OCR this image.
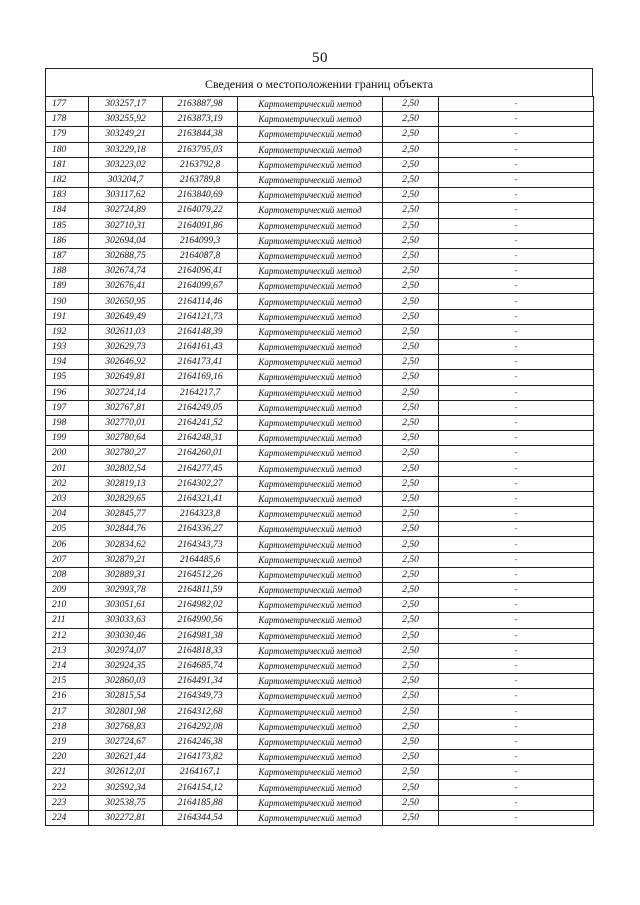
50
Сведения о местоположении границ объекта
177	303257,17	2163887,98	Картометрический метод	2,50	-
178	303255,92	2163873,19	Картометрический метод	2,50	-
179	303249,21	2163844,38	Картометрический метод	2,50	-
180	303229,18	2163795,03	Картометрический метод	2,50	-
181	303223,02	2163792,8	Картометрический метод	2,50	-
182	303204,7	2163789,8	Картометрический метод	2,50	-
183	303117,62	2163840,69	Картометрический метод	2,50	-
184	302724,89	2164079,22	Картометрический метод	2,50	-
185	302710,31	2164091,86	Картометрический метод	2,50	-
186	302694,04	2164099,3	Картометрический метод	2,50	-
187	302688,75	2164087,8	Картометрический метод	2,50	-
188	302674,74	2164096,41	Картометрический метод	2,50	-
189	302676,41	2164099,67	Картометрический метод	2,50	-
190	302650,95	2164114,46	Картометрический метод	2,50	-
191	302649,49	2164121,73	Картометрический метод	2,50	-
192	302611,03	2164148,39	Картометрический метод	2,50	-
193	302629,73	2164161,43	Картометрический метод	2,50	-
194	302646,92	2164173,41	Картометрический метод	2,50	-
195	302649,81	2164169,16	Картометрический метод	2,50	-
196	302724,14	2164217,7	Картометрический метод	2,50	-
197	302767,81	2164249,05	Картометрический метод	2,50	-
198	302770,01	2164241,52	Картометрический метод	2,50	-
199	302780,64	2164248,31	Картометрический метод	2,50	-
200	302780,27	2164260,01	Картометрический метод	2,50	-
201	302802,54	2164277,45	Картометрический метод	2,50	-
202	302819,13	2164302,27	Картометрический метод	2,50	-
203	302829,65	2164321,41	Картометрический метод	2,50	-
204	302845,77	2164323,8	Картометрический метод	2,50	-
205	302844,76	2164336,27	Картометрический метод	2,50	-
206	302834,62	2164343,73	Картометрический метод	2,50	-
207	302879,21	2164485,6	Картометрический метод	2,50	-
208	302889,31	2164512,26	Картометрический метод	2,50	-
209	302993,78	2164811,59	Картометрический метод	2,50	-
210	303051,61	2164982,02	Картометрический метод	2,50	-
211	303033,63	2164990,56	Картометрический метод	2,50	-
212	303030,46	2164981,38	Картометрический метод	2,50	-
213	302974,07	2164818,33	Картометрический метод	2,50	-
214	302924,35	2164685,74	Картометрический метод	2,50	-
215	302860,03	2164491,34	Картометрический метод	2,50	-
216	302815,54	2164349,73	Картометрический метод	2,50	-
217	302801,98	2164312,68	Картометрический метод	2,50	-
218	302768,83	2164292,08	Картометрический метод	2,50	-
219	302724,67	2164246,38	Картометрический метод	2,50	-
220	302621,44	2164173,82	Картометрический метод	2,50	-
221	302612,01	2164167,1	Картометрический метод	2,50	-
222	302592,34	2164154,12	Картометрический метод	2,50	-
223	302538,75	2164185,88	Картометрический метод	2,50	-
224	302272,81	2164344,54	Картометрический метод	2,50	-
